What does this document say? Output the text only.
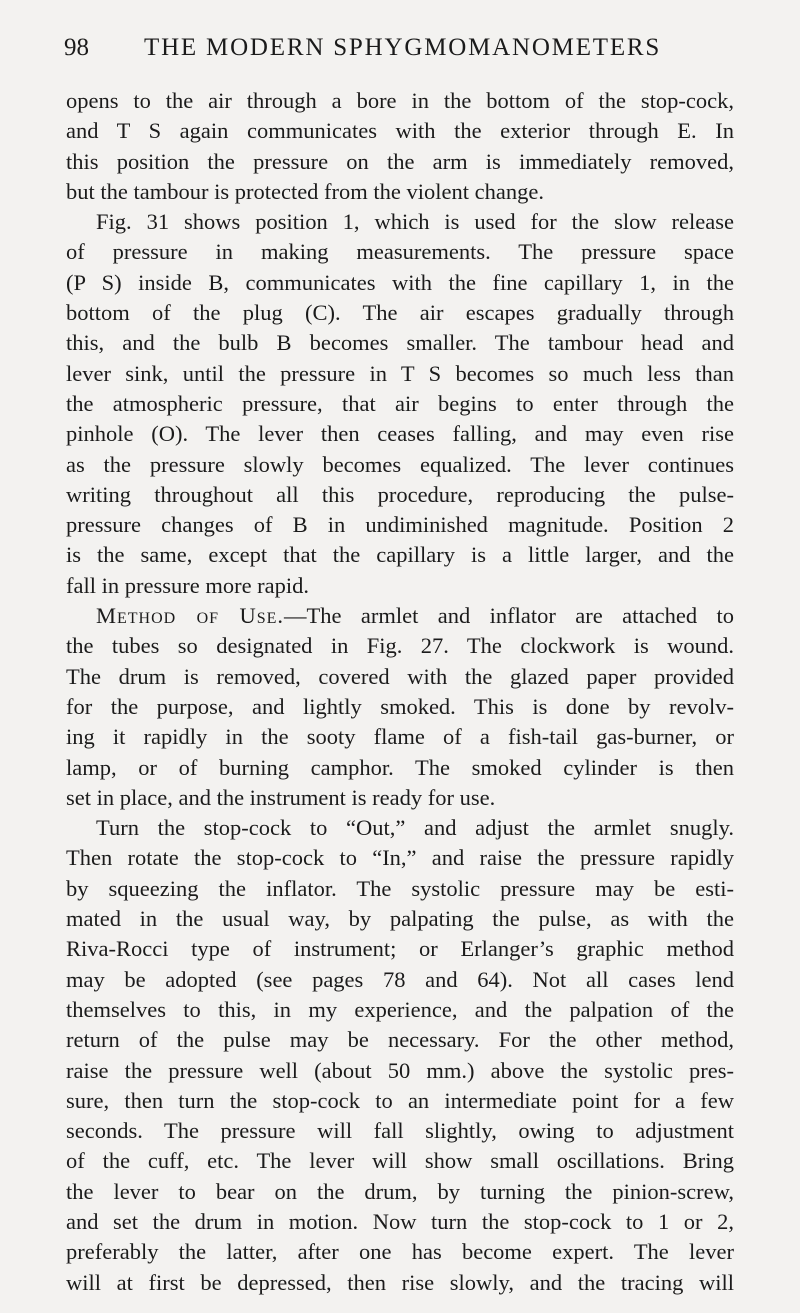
98 THE MODERN SPHYGMOMANOMETERS
opens to the air through a bore in the bottom of the stop-cock,
and T S again communicates with the exterior through E. In
this position the pressure on the arm is immediately removed,
but the tambour is protected from the violent change.
Fig. 31 shows position 1, which is used for the slow release
of pressure in making measurements. The pressure space
(P S) inside B, communicates with the fine capillary 1, in the
bottom of the plug (C). The air escapes gradually through
this, and the bulb B becomes smaller. The tambour head and
lever sink, until the pressure in T S becomes so much less than
the atmospheric pressure, that air begins to enter through the
pinhole (O). The lever then ceases falling, and may even rise
as the pressure slowly becomes equalized. The lever continues
writing throughout all this procedure, reproducing the pulse-
pressure changes of B in undiminished magnitude. Position 2
is the same, except that the capillary is a little larger, and the
fall in pressure more rapid.
Method of Use.—The armlet and inflator are attached to
the tubes so designated in Fig. 27. The clockwork is wound.
The drum is removed, covered with the glazed paper provided
for the purpose, and lightly smoked. This is done by revolv-
ing it rapidly in the sooty flame of a fish-tail gas-burner, or
lamp, or of burning camphor. The smoked cylinder is then
set in place, and the instrument is ready for use.
Turn the stop-cock to “Out,” and adjust the armlet snugly.
Then rotate the stop-cock to “In,” and raise the pressure rapidly
by squeezing the inflator. The systolic pressure may be esti-
mated in the usual way, by palpating the pulse, as with the
Riva-Rocci type of instrument; or Erlanger’s graphic method
may be adopted (see pages 78 and 64). Not all cases lend
themselves to this, in my experience, and the palpation of the
return of the pulse may be necessary. For the other method,
raise the pressure well (about 50 mm.) above the systolic pres-
sure, then turn the stop-cock to an intermediate point for a few
seconds. The pressure will fall slightly, owing to adjustment
of the cuff, etc. The lever will show small oscillations. Bring
the lever to bear on the drum, by turning the pinion-screw,
and set the drum in motion. Now turn the stop-cock to 1 or 2,
preferably the latter, after one has become expert. The lever
will at first be depressed, then rise slowly, and the tracing will
